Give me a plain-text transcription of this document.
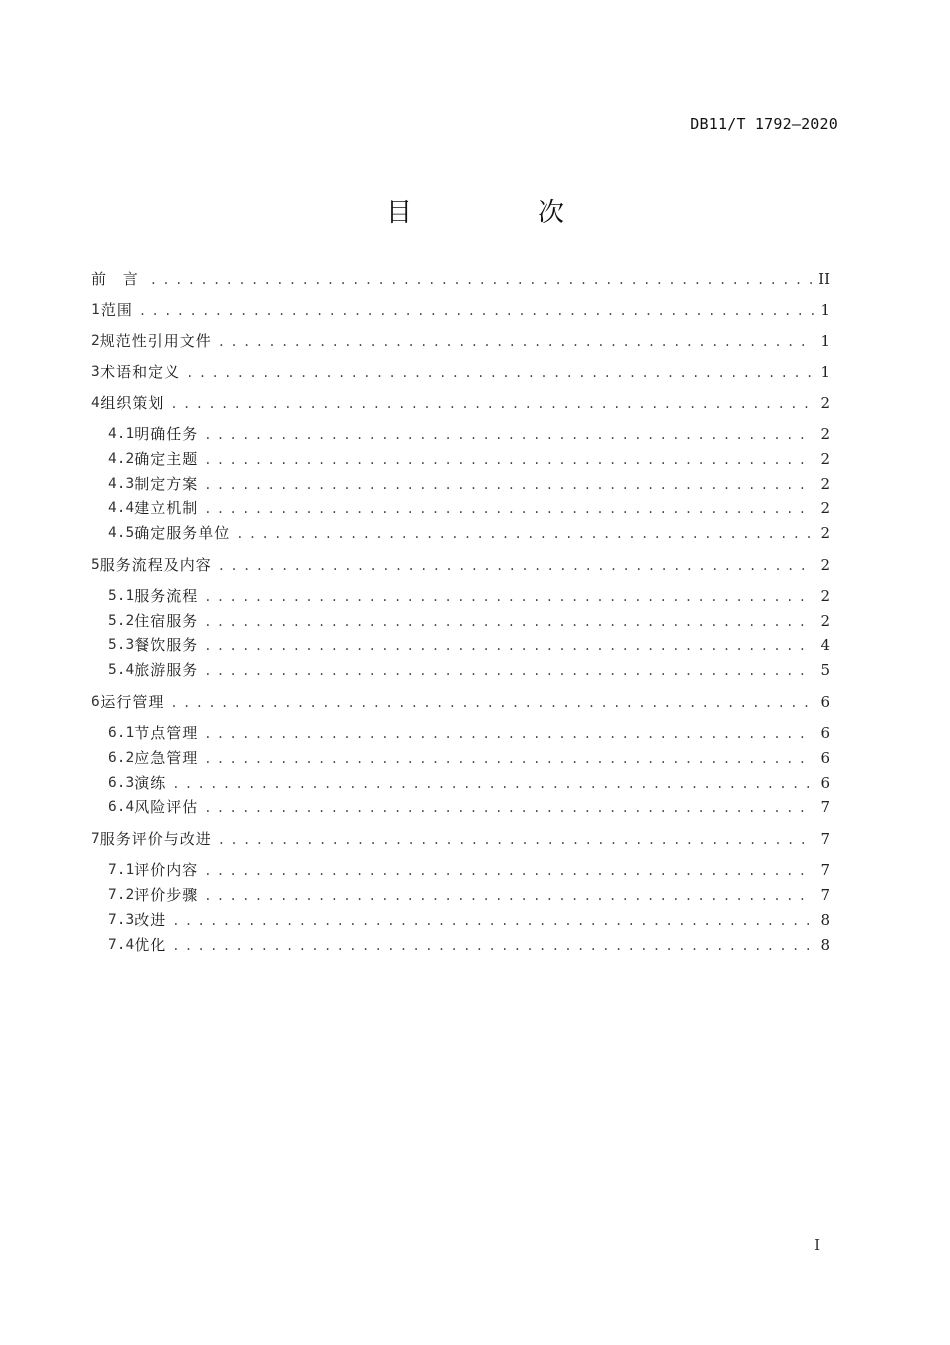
DB11/T 1792—2020
目　次
前 言 . . .	II
1 范围 . . .	1
2 规范性引用文件 . . .	1
3 术语和定义 . . .	1
4 组织策划 . . .	2
4.1 明确任务 . . .	2
4.2 确定主题 . . .	2
4.3 制定方案 . . .	2
4.4 建立机制 . . .	2
4.5 确定服务单位 . . .	2
5 服务流程及内容 . . .	2
5.1 服务流程 . . .	2
5.2 住宿服务 . . .	2
5.3 餐饮服务 . . .	4
5.4 旅游服务 . . .	5
6 运行管理 . . .	6
6.1 节点管理 . . .	6
6.2 应急管理 . . .	6
6.3 演练 . . .	6
6.4 风险评估 . . .	7
7 服务评价与改进 . . .	7
7.1 评价内容 . . .	7
7.2 评价步骤 . . .	7
7.3 改进 . . .	8
7.4 优化 . . .	8
I
